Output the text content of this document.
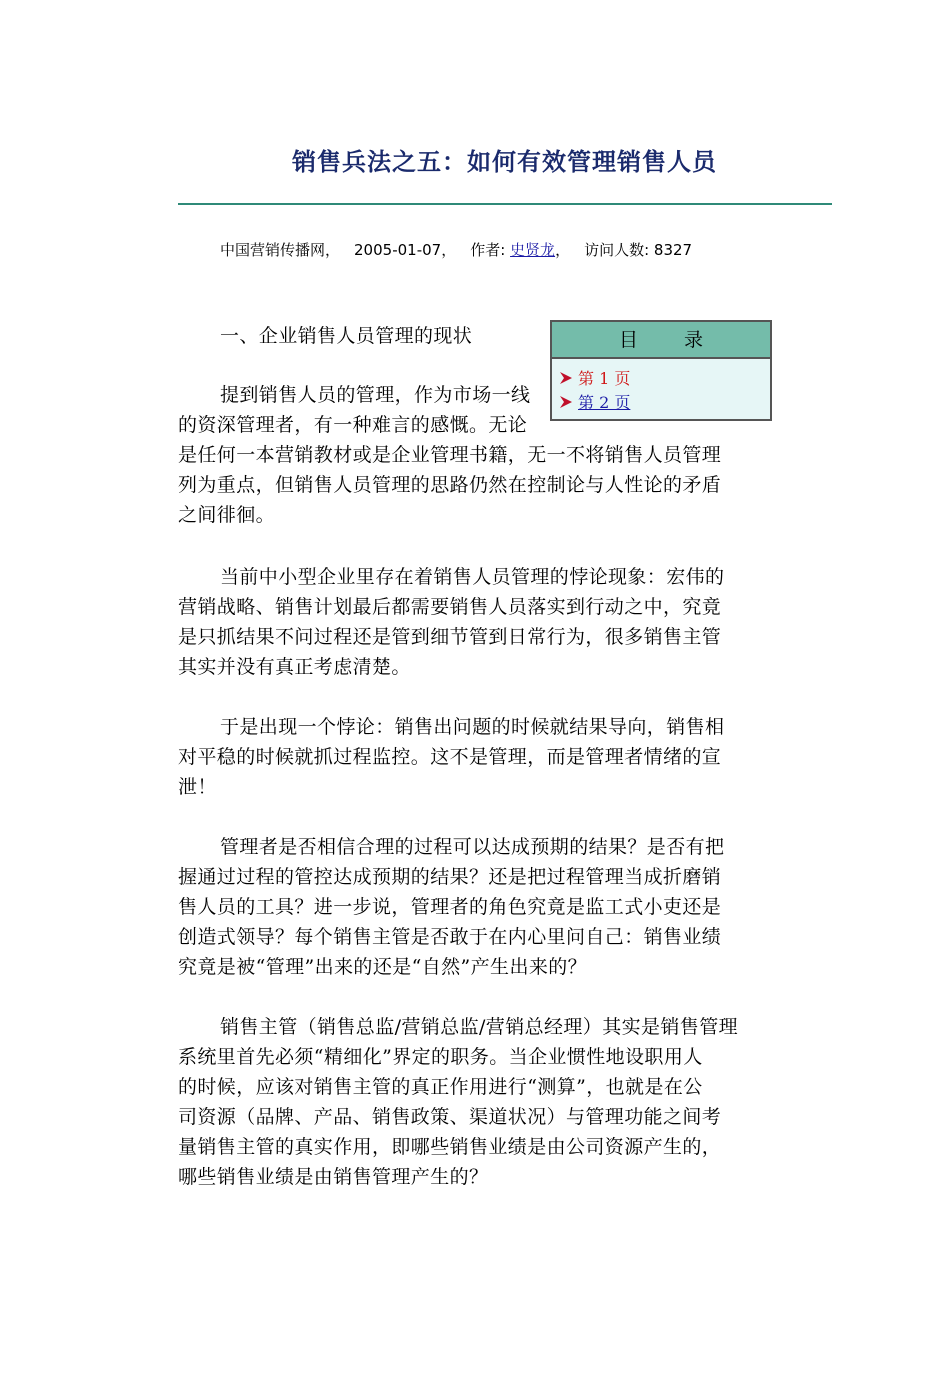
销售兵法之五：如何有效管理销售人员
中国营销传播网， 2005-01-07， 作者: 史贤龙， 访问人数: 8327
目 录
第 1 页
第 2 页
一、企业销售人员管理的现状
提到销售人员的管理，作为市场一线
的资深管理者，有一种难言的感慨。无论
是任何一本营销教材或是企业管理书籍，无一不将销售人员管理
列为重点，但销售人员管理的思路仍然在控制论与人性论的矛盾
之间徘徊。
当前中小型企业里存在着销售人员管理的悖论现象：宏伟的
营销战略、销售计划最后都需要销售人员落实到行动之中，究竟
是只抓结果不问过程还是管到细节管到日常行为，很多销售主管
其实并没有真正考虑清楚。
于是出现一个悖论：销售出问题的时候就结果导向，销售相
对平稳的时候就抓过程监控。这不是管理，而是管理者情绪的宣
泄！
管理者是否相信合理的过程可以达成预期的结果？是否有把
握通过过程的管控达成预期的结果？还是把过程管理当成折磨销
售人员的工具？进一步说，管理者的角色究竟是监工式小吏还是
创造式领导？每个销售主管是否敢于在内心里问自己：销售业绩
究竟是被“管理”出来的还是“自然”产生出来的？
销售主管（销售总监/营销总监/营销总经理）其实是销售管理
系统里首先必须“精细化”界定的职务。当企业惯性地设职用人
的时候，应该对销售主管的真正作用进行“测算”，也就是在公
司资源（品牌、产品、销售政策、渠道状况）与管理功能之间考
量销售主管的真实作用，即哪些销售业绩是由公司资源产生的，
哪些销售业绩是由销售管理产生的？
